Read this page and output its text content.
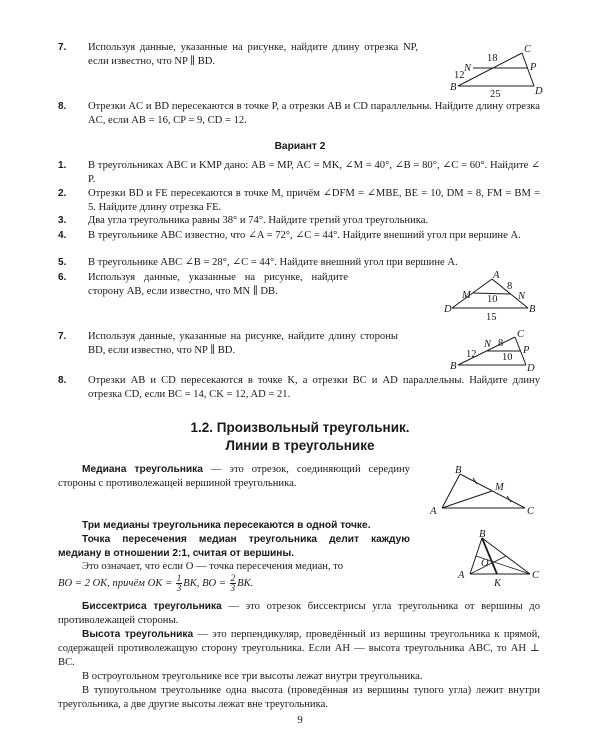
7. Используя данные, указанные на рисунке, найдите длину отрезка NP, если известно, что NP ∥ BD.
C
N	P
B	D
18
12
25
8. Отрезки AC и BD пересекаются в точке P, а отрезки AB и CD параллельны. Найдите длину отрезка AC, если AB = 16, CP = 9, CD = 12.
Вариант 2
1. В треугольниках ABC и KMP дано: AB = MP, AC = MK, ∠M = 40°, ∠B = 80°, ∠C = 60°. Найдите ∠ P.
2. Отрезки BD и FE пересекаются в точке M, причём ∠DFM = ∠MBE, BE = 10, DM = 8, FM = BM = 5. Найдите длину отрезка FE.
3. Два угла треугольника равны 38° и 74°. Найдите третий угол треугольника.
4. В треугольнике ABC известно, что ∠A = 72°, ∠C = 44°. Найдите внешний угол при вершине A.
5. В треугольнике ABC ∠B = 28°, ∠C = 44°. Найдите внешний угол при вершине A.
6. Используя данные, указанные на рисунке, найдите сторону AB, если известно, что MN ∥ DB.
A
M	N
D	B
8
10
15
7. Используя данные, указанные на рисунке, найдите длину стороны BD, если известно, что NP ∥ BD.
C
N
P
B	D
8
12 10
8. Отрезки AB и CD пересекаются в точке K, а отрезки BC и AD параллельны. Найдите длину отрезка CD, если BC = 14, CK = 12, AD = 21.
1.2. Произвольный треугольник.
Линии в треугольнике
Медиана треугольника — это отрезок, соединяющий середину стороны с противолежащей вершиной треугольника.
B
M
A	C
Три медианы треугольника пересекаются в одной точке.
Точка пересечения медиан треугольника делит каждую медиану в отношении 2:1, считая от вершины.
Это означает, что если O — точка пересечения медиан, то
BO = 2 OK, причём OK = $\frac{1}{3}$ BK, BO = $\frac{2}{3}$ BK.
B
O
A	C
K
Биссектриса треугольника — это отрезок биссектрисы угла треугольника от вершины до противолежащей стороны.
Высота треугольника — это перпендикуляр, проведённый из вершины треугольника к прямой, содержащей противолежащую сторону треугольника. Если AH — высота треугольника ABC, то AH ⊥ BC.
В остроугольном треугольнике все три высоты лежат внутри треугольника.
В тупоугольном треугольнике одна высота (проведённая из вершины тупого угла) лежит внутри треугольника, а две другие высоты лежат вне треугольника.
9
